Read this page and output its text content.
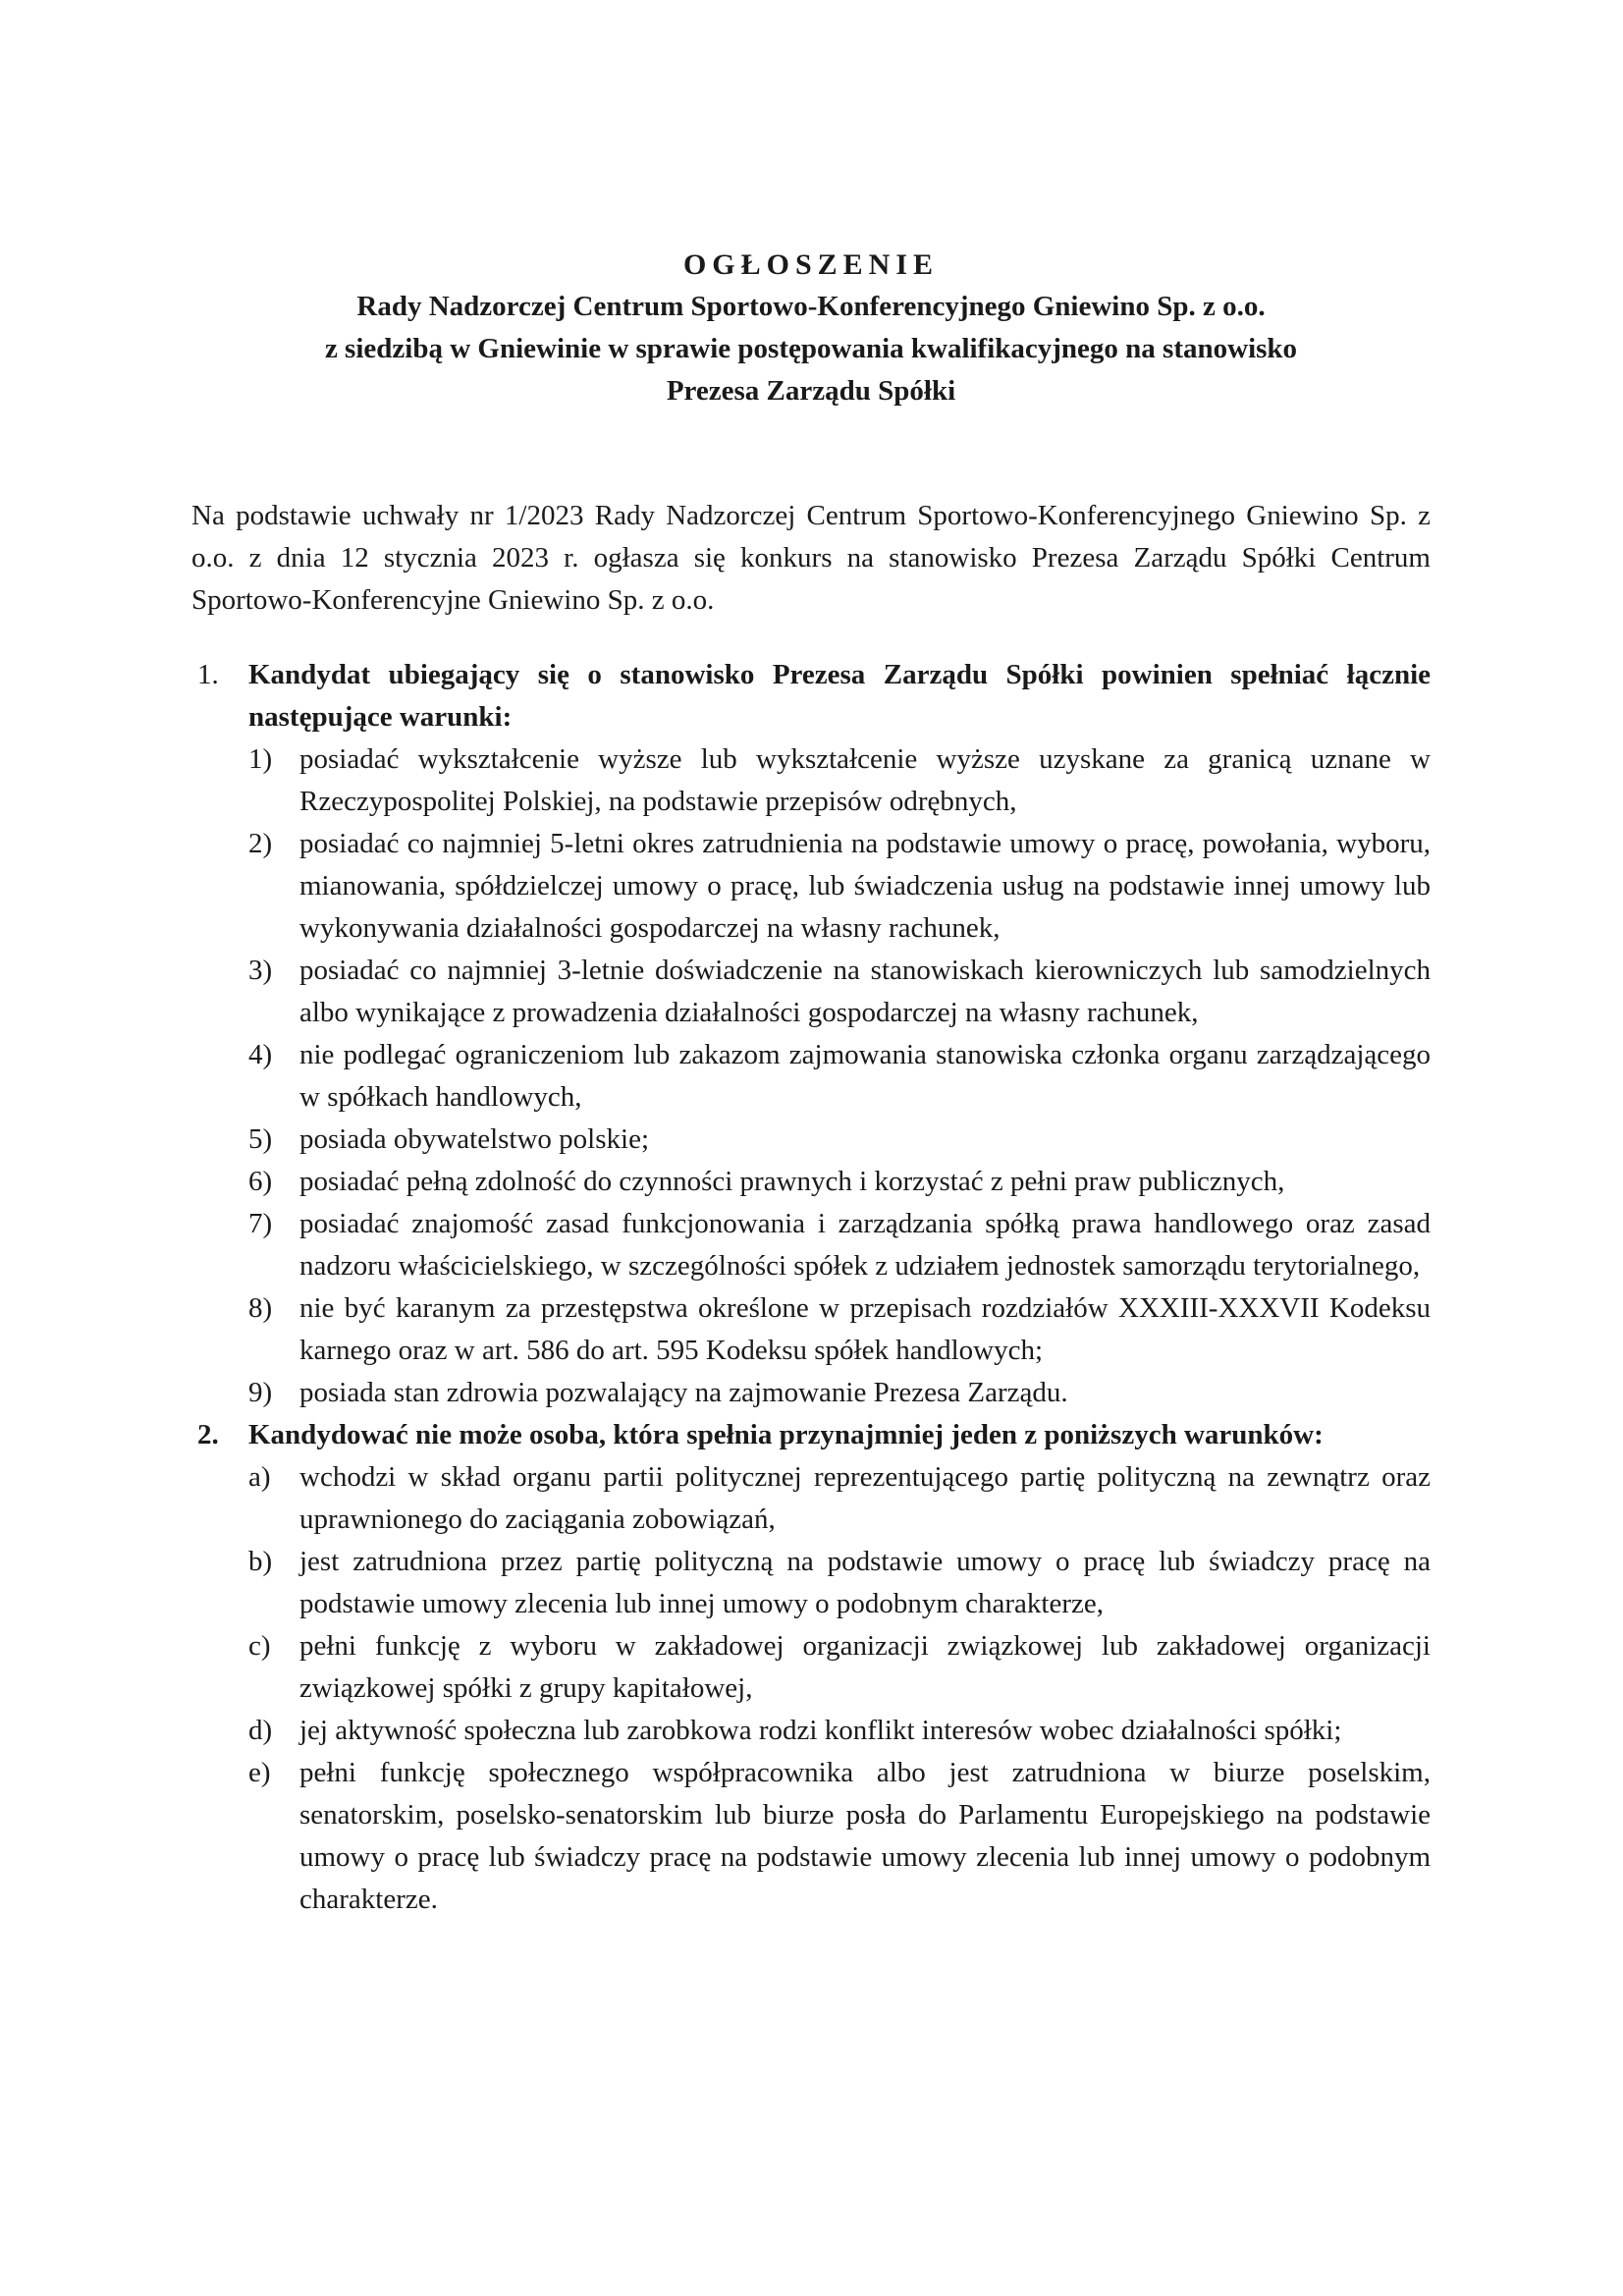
OGŁOSZENIE
Rady Nadzorczej Centrum Sportowo-Konferencyjnego Gniewino Sp. z o.o.
z siedzibą w Gniewinie w sprawie postępowania kwalifikacyjnego na stanowisko
Prezesa Zarządu Spółki
Na podstawie uchwały nr 1/2023 Rady Nadzorczej Centrum Sportowo-Konferencyjnego Gniewino Sp. z o.o. z dnia 12 stycznia 2023 r. ogłasza się konkurs na stanowisko Prezesa Zarządu Spółki Centrum Sportowo-Konferencyjne Gniewino Sp. z o.o.
1.	Kandydat ubiegający się o stanowisko Prezesa Zarządu Spółki powinien spełniać łącznie następujące warunki:
1) posiadać wykształcenie wyższe lub wykształcenie wyższe uzyskane za granicą uznane w Rzeczypospolitej Polskiej, na podstawie przepisów odrębnych,
2) posiadać co najmniej 5-letni okres zatrudnienia na podstawie umowy o pracę, powołania, wyboru, mianowania, spółdzielczej umowy o pracę, lub świadczenia usług na podstawie innej umowy lub wykonywania działalności gospodarczej na własny rachunek,
3) posiadać co najmniej 3-letnie doświadczenie na stanowiskach kierowniczych lub samodzielnych albo wynikające z prowadzenia działalności gospodarczej na własny rachunek,
4) nie podlegać ograniczeniom lub zakazom zajmowania stanowiska członka organu zarządzającego w spółkach handlowych,
5) posiada obywatelstwo polskie;
6) posiadać pełną zdolność do czynności prawnych i korzystać z pełni praw publicznych,
7) posiadać znajomość zasad funkcjonowania i zarządzania spółką prawa handlowego oraz zasad nadzoru właścicielskiego, w szczególności spółek z udziałem jednostek samorządu terytorialnego,
8) nie być karanym za przestępstwa określone w przepisach rozdziałów XXXIII-XXXVII Kodeksu karnego oraz w art. 586 do art. 595 Kodeksu spółek handlowych;
9) posiada stan zdrowia pozwalający na zajmowanie Prezesa Zarządu.
2.	Kandydować nie może osoba, która spełnia przynajmniej jeden z poniższych warunków:
a)	wchodzi w skład organu partii politycznej reprezentującego partię polityczną na zewnątrz oraz uprawnionego do zaciągania zobowiązań,
b) jest zatrudniona przez partię polityczną na podstawie umowy o pracę lub świadczy pracę na podstawie umowy zlecenia lub innej umowy o podobnym charakterze,
c)	pełni funkcję z wyboru w zakładowej organizacji związkowej lub zakładowej organizacji związkowej spółki z grupy kapitałowej,
d) jej aktywność społeczna lub zarobkowa rodzi konflikt interesów wobec działalności spółki;
e)	pełni funkcję społecznego współpracownika albo jest zatrudniona w biurze poselskim, senatorskim, poselsko-senatorskim lub biurze posła do Parlamentu Europejskiego na podstawie umowy o pracę lub świadczy pracę na podstawie umowy zlecenia lub innej umowy o podobnym charakterze.
